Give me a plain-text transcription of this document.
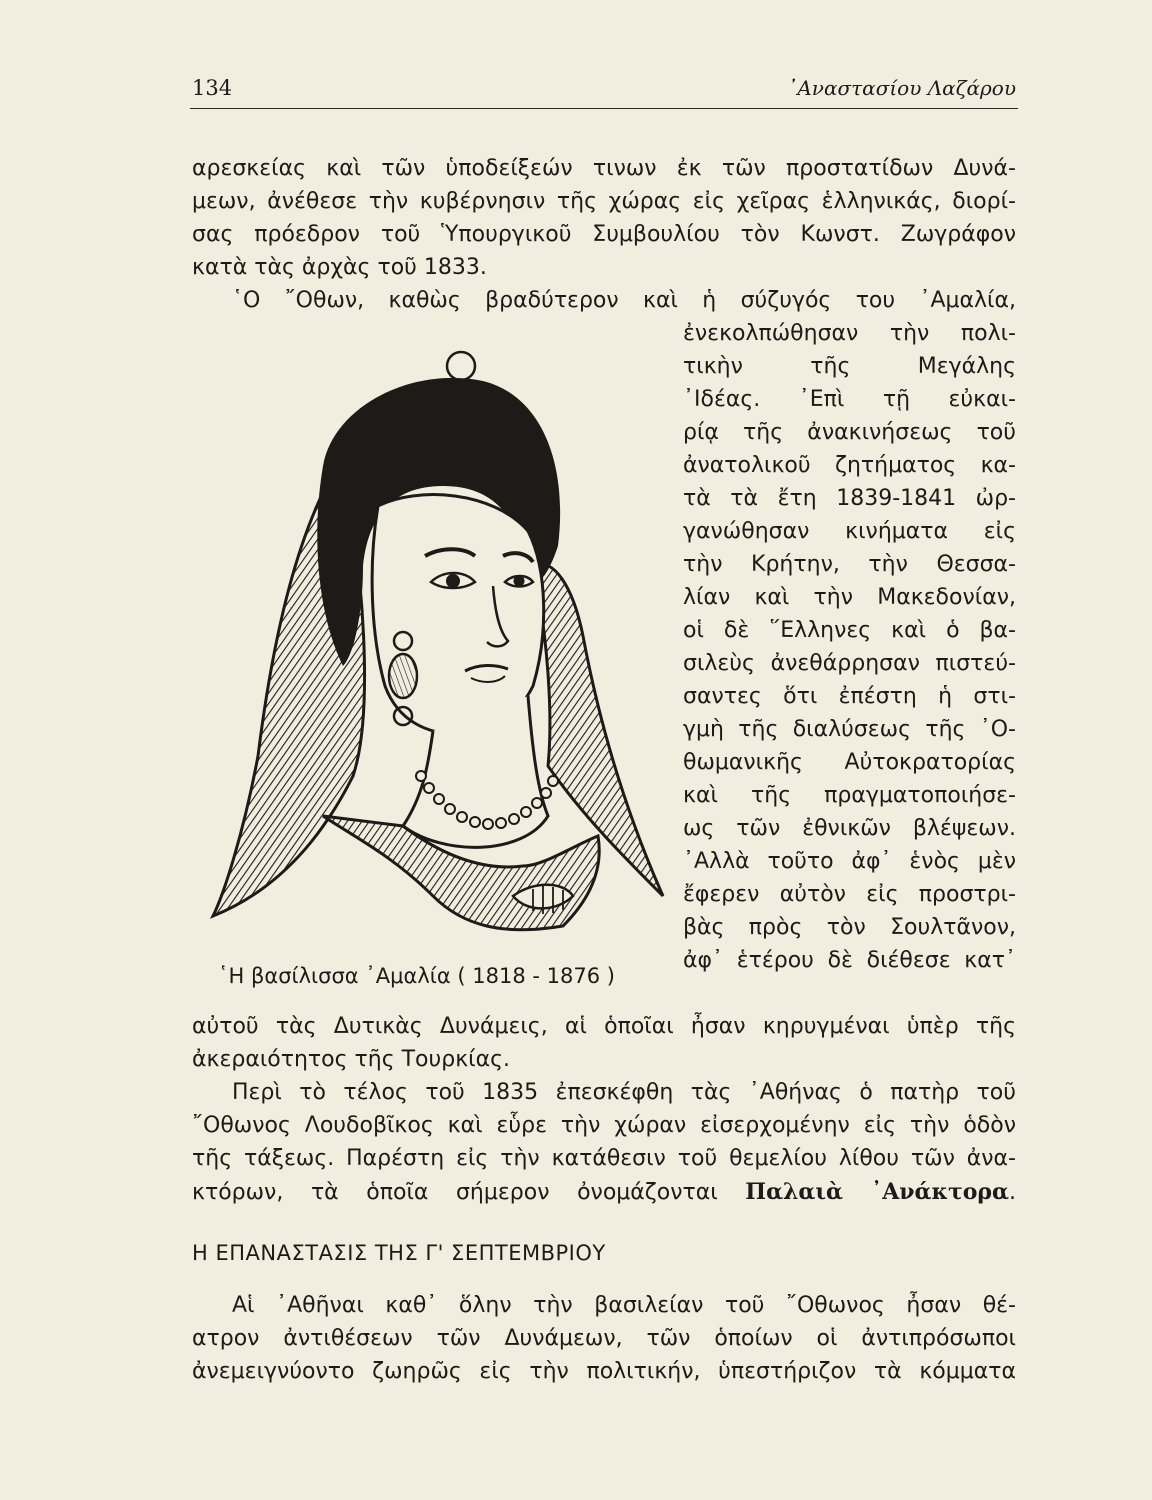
134	᾿Αναστασίου Λαζάρου
αρεσκείας καὶ τῶν ὑποδείξεών τινων ἐκ τῶν προστατίδων Δυνά-
μεων, ἀνέθεσε τὴν κυβέρνησιν τῆς χώρας εἰς χεῖρας ἑλληνικάς, διορί-
σας πρόεδρον τοῦ Ὑπουργικοῦ Συμβουλίου τὸν Κωνστ. Ζωγράφον
κατὰ τὰς ἀρχὰς τοῦ 1833.
῾Ο ῎Οθων, καθὼς βραδύτερον καὶ ἡ σύζυγός του ᾿Αμαλία,
ἐνεκολπώθησαν τὴν πολι-
τικὴν τῆς Μεγάλης
᾿Ιδέας. ᾿Επὶ τῇ εὐκαι-
ρίᾳ τῆς ἀνακινήσεως τοῦ
ἀνατολικοῦ ζητήματος κα-
τὰ τὰ ἔτη 1839-1841 ὠρ-
γανώθησαν κινήματα εἰς
τὴν Κρήτην, τὴν Θεσσα-
λίαν καὶ τὴν Μακεδονίαν,
οἱ δὲ ῞Ελληνες καὶ ὁ βα-
σιλεὺς ἀνεθάρρησαν πιστεύ-
σαντες ὅτι ἐπέστη ἡ στι-
γμὴ τῆς διαλύσεως τῆς ᾿Ο-
θωμανικῆς Αὐτοκρατορίας
καὶ τῆς πραγματοποιήσε-
ως τῶν ἐθνικῶν βλέψεων.
᾿Αλλὰ τοῦτο ἀφ᾿ ἑνὸς μὲν
ἔφερεν αὐτὸν εἰς προστρι-
βὰς πρὸς τὸν Σουλτᾶνον,
ἀφ᾿ ἑτέρου δὲ διέθεσε κατ᾿
῾Η βασίλισσα ᾿Αμαλία ( 1818 - 1876 )
αὐτοῦ τὰς Δυτικὰς Δυνάμεις, αἱ ὁποῖαι ἦσαν κηρυγμέναι ὑπὲρ τῆς
ἀκεραιότητος τῆς Τουρκίας.
Περὶ τὸ τέλος τοῦ 1835 ἐπεσκέφθη τὰς ᾿Αθήνας ὁ πατὴρ τοῦ
῎Οθωνος Λουδοβῖκος καὶ εὗρε τὴν χώραν εἰσερχομένην εἰς τὴν ὁδὸν
τῆς τάξεως. Παρέστη εἰς τὴν κατάθεσιν τοῦ θεμελίου λίθου τῶν ἀνα-
κτόρων, τὰ ὁποῖα σήμερον ὀνομάζονται Παλαιὰ ᾿Ανάκτορα.
Η ΕΠΑΝΑΣΤΑΣΙΣ ΤΗΣ Γ' ΣΕΠΤΕΜΒΡΙΟΥ
Αἱ ᾿Αθῆναι καθ᾿ ὅλην τὴν βασιλείαν τοῦ ῎Οθωνος ἦσαν θέ-
ατρον ἀντιθέσεων τῶν Δυνάμεων, τῶν ὁποίων οἱ ἀντιπρόσωποι
ἀνεμειγνύοντο ζωηρῶς εἰς τὴν πολιτικήν, ὑπεστήριζον τὰ κόμματα
